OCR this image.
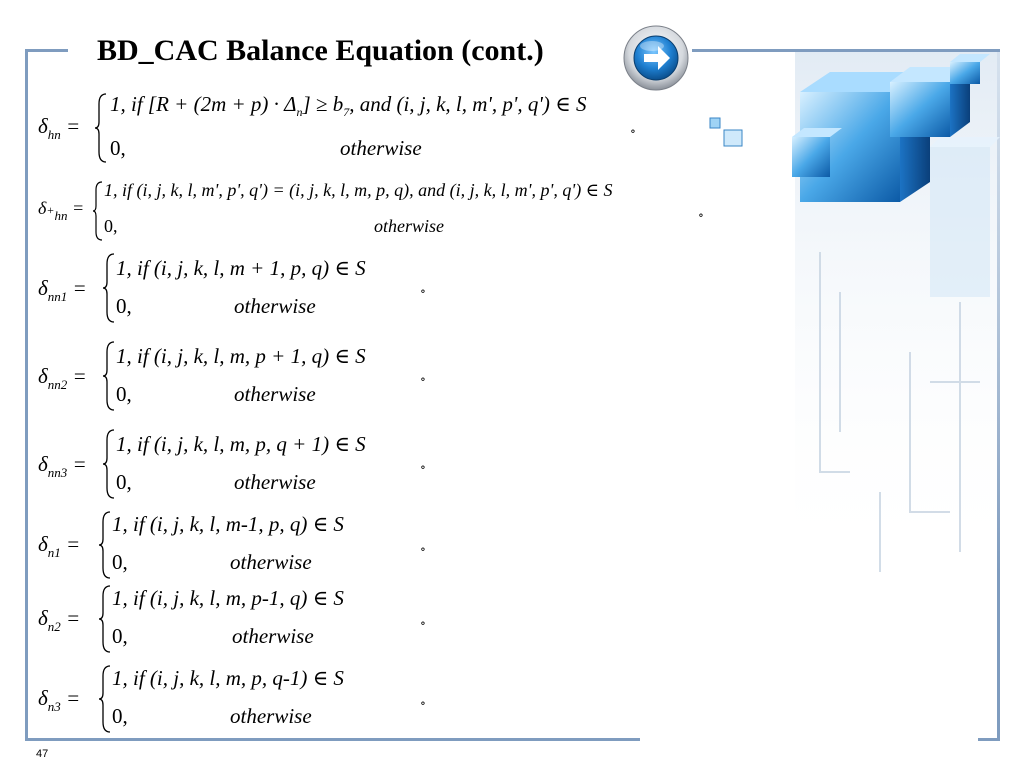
BD_CAC Balance Equation (cont.)
$\delta_{hn}$ =
1, if $[R + (2m + p) \cdot \Delta_n] \ge b_7$, and (i, j, k, l, m', p', q') ∈ S
0,	otherwise
∘
$\delta+_{hn}$ =
1, if (i, j, k, l, m', p', q') = (i, j, k, l, m, p, q), and (i, j, k, l, m', p', q') ∈ S
0,	otherwise
∘
$\delta_{nn1}$ =
1, if (i, j, k, l, m + 1, p, q) ∈ S
0,	otherwise
∘
$\delta_{nn2}$ =
1, if (i, j, k, l, m, p + 1, q) ∈ S
0,	otherwise
∘
$\delta_{nn3}$ =
1, if (i, j, k, l, m, p, q + 1) ∈ S
0,	otherwise
∘
$\delta_{n1}$ =
1, if (i, j, k, l, m-1, p, q) ∈ S
0,	otherwise
∘
$\delta_{n2}$ =
1, if (i, j, k, l, m, p-1, q) ∈ S
0,	otherwise
∘
$\delta_{n3}$ =
1, if (i, j, k, l, m, p, q-1) ∈ S
0,	otherwise
∘
47
